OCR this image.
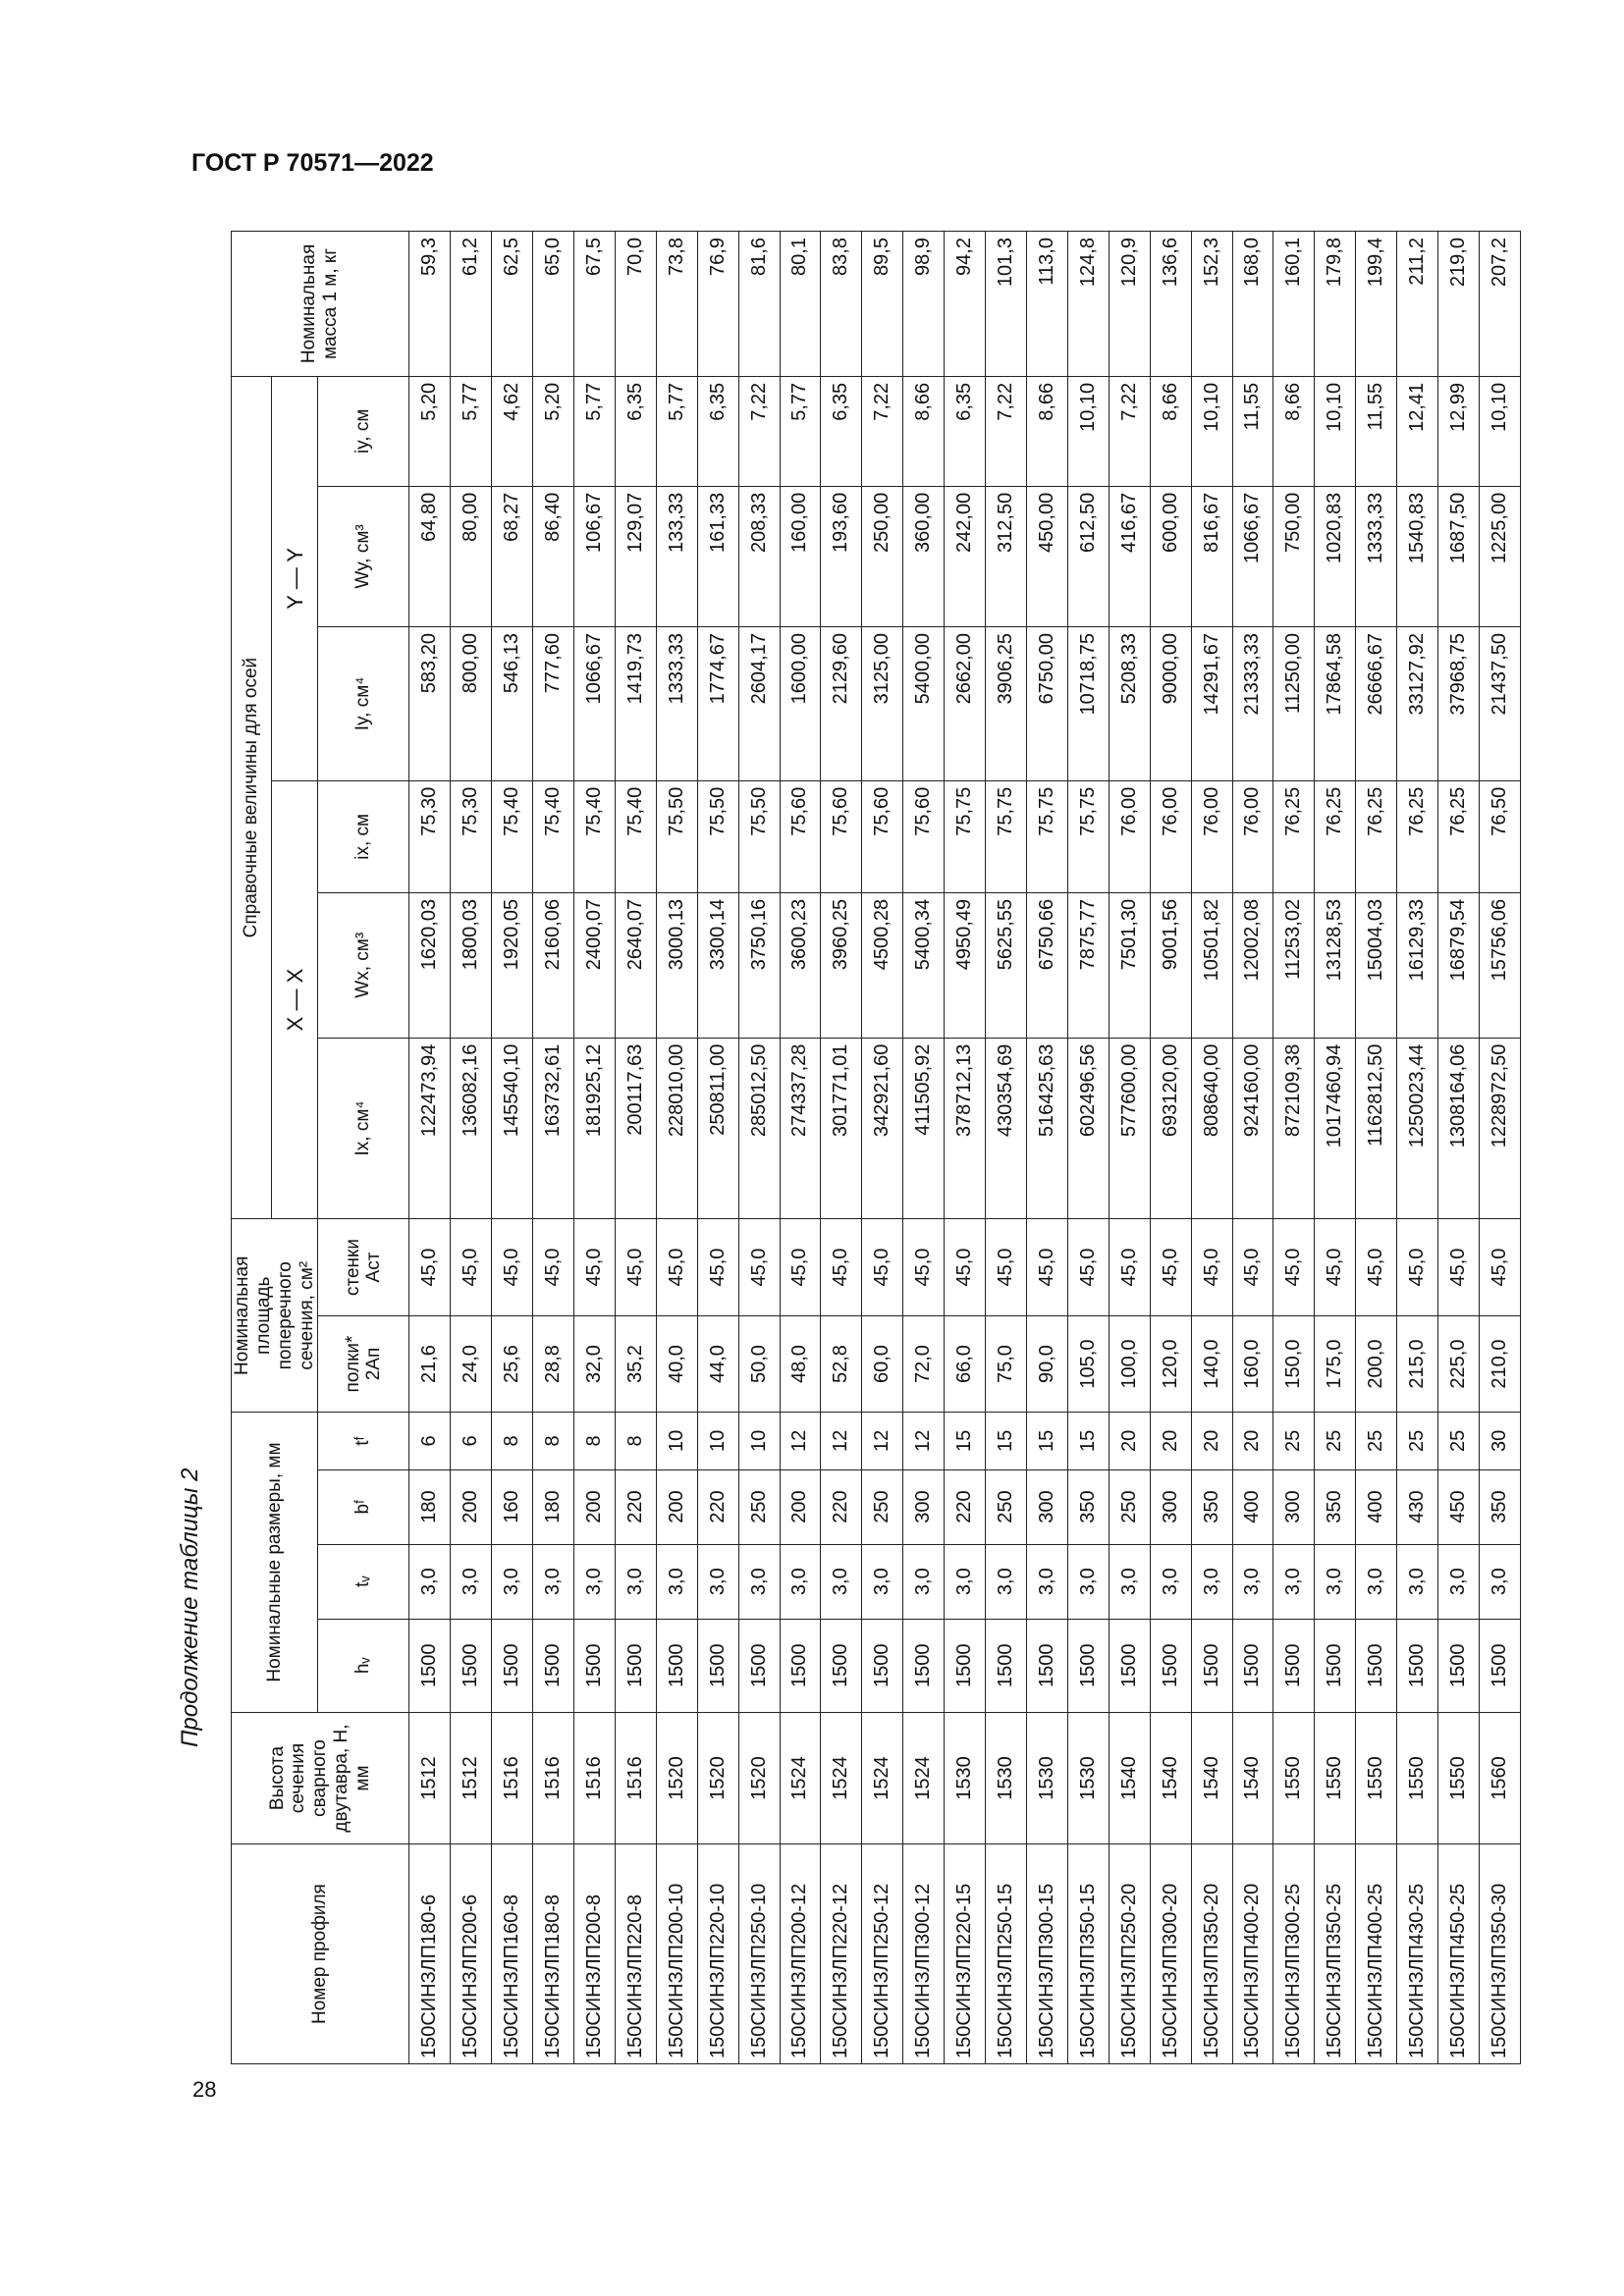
ГОСТ Р 70571—2022
28
Продолжение таблицы 2
Номер профиля	Высота сечения сварного двутавра, H, мм	Номинальные размеры, мм				Номинальная площадь поперечного сечения, см²		Справочные величины для осей						Номинальная масса 1 м, кг
								X — X			Y — Y			
		hᵥ	tᵥ	bᶠ	tᶠ	полки* 2Aп	стенки Aст	Ix, см⁴	Wx, см³	ix, см	Iy, см⁴	Wy, см³	iy, см	
150СИНЗЛП180-6	1512	1500	3,0	180	6	21,6	45,0	122473,94	1620,03	75,30	583,20	64,80	5,20	59,3
150СИНЗЛП200-6	1512	1500	3,0	200	6	24,0	45,0	136082,16	1800,03	75,30	800,00	80,00	5,77	61,2
150СИНЗЛП160-8	1516	1500	3,0	160	8	25,6	45,0	145540,10	1920,05	75,40	546,13	68,27	4,62	62,5
150СИНЗЛП180-8	1516	1500	3,0	180	8	28,8	45,0	163732,61	2160,06	75,40	777,60	86,40	5,20	65,0
150СИНЗЛП200-8	1516	1500	3,0	200	8	32,0	45,0	181925,12	2400,07	75,40	1066,67	106,67	5,77	67,5
150СИНЗЛП220-8	1516	1500	3,0	220	8	35,2	45,0	200117,63	2640,07	75,40	1419,73	129,07	6,35	70,0
150СИНЗЛП200-10	1520	1500	3,0	200	10	40,0	45,0	228010,00	3000,13	75,50	1333,33	133,33	5,77	73,8
150СИНЗЛП220-10	1520	1500	3,0	220	10	44,0	45,0	250811,00	3300,14	75,50	1774,67	161,33	6,35	76,9
150СИНЗЛП250-10	1520	1500	3,0	250	10	50,0	45,0	285012,50	3750,16	75,50	2604,17	208,33	7,22	81,6
150СИНЗЛП200-12	1524	1500	3,0	200	12	48,0	45,0	274337,28	3600,23	75,60	1600,00	160,00	5,77	80,1
150СИНЗЛП220-12	1524	1500	3,0	220	12	52,8	45,0	301771,01	3960,25	75,60	2129,60	193,60	6,35	83,8
150СИНЗЛП250-12	1524	1500	3,0	250	12	60,0	45,0	342921,60	4500,28	75,60	3125,00	250,00	7,22	89,5
150СИНЗЛП300-12	1524	1500	3,0	300	12	72,0	45,0	411505,92	5400,34	75,60	5400,00	360,00	8,66	98,9
150СИНЗЛП220-15	1530	1500	3,0	220	15	66,0	45,0	378712,13	4950,49	75,75	2662,00	242,00	6,35	94,2
150СИНЗЛП250-15	1530	1500	3,0	250	15	75,0	45,0	430354,69	5625,55	75,75	3906,25	312,50	7,22	101,3
150СИНЗЛП300-15	1530	1500	3,0	300	15	90,0	45,0	516425,63	6750,66	75,75	6750,00	450,00	8,66	113,0
150СИНЗЛП350-15	1530	1500	3,0	350	15	105,0	45,0	602496,56	7875,77	75,75	10718,75	612,50	10,10	124,8
150СИНЗЛП250-20	1540	1500	3,0	250	20	100,0	45,0	577600,00	7501,30	76,00	5208,33	416,67	7,22	120,9
150СИНЗЛП300-20	1540	1500	3,0	300	20	120,0	45,0	693120,00	9001,56	76,00	9000,00	600,00	8,66	136,6
150СИНЗЛП350-20	1540	1500	3,0	350	20	140,0	45,0	808640,00	10501,82	76,00	14291,67	816,67	10,10	152,3
150СИНЗЛП400-20	1540	1500	3,0	400	20	160,0	45,0	924160,00	12002,08	76,00	21333,33	1066,67	11,55	168,0
150СИНЗЛП300-25	1550	1500	3,0	300	25	150,0	45,0	872109,38	11253,02	76,25	11250,00	750,00	8,66	160,1
150СИНЗЛП350-25	1550	1500	3,0	350	25	175,0	45,0	1017460,94	13128,53	76,25	17864,58	1020,83	10,10	179,8
150СИНЗЛП400-25	1550	1500	3,0	400	25	200,0	45,0	1162812,50	15004,03	76,25	26666,67	1333,33	11,55	199,4
150СИНЗЛП430-25	1550	1500	3,0	430	25	215,0	45,0	1250023,44	16129,33	76,25	33127,92	1540,83	12,41	211,2
150СИНЗЛП450-25	1550	1500	3,0	450	25	225,0	45,0	1308164,06	16879,54	76,25	37968,75	1687,50	12,99	219,0
150СИНЗЛП350-30	1560	1500	3,0	350	30	210,0	45,0	1228972,50	15756,06	76,50	21437,50	1225,00	10,10	207,2
